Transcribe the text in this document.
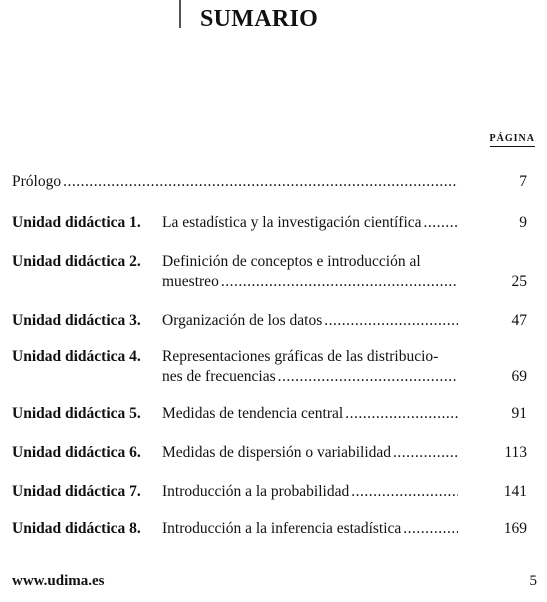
SUMARIO
PÁGINA
Prólogo .....	7
Unidad didáctica 1. La estadística y la investigación científica .....	9
Unidad didáctica 2. Definición de conceptos e introducción al
muestreo .....	25
Unidad didáctica 3. Organización de los datos .....	47
Unidad didáctica 4. Representaciones gráficas de las distribucio-
nes de frecuencias .....	69
Unidad didáctica 5. Medidas de tendencia central .....	91
Unidad didáctica 6. Medidas de dispersión o variabilidad .....	113
Unidad didáctica 7. Introducción a la probabilidad .....	141
Unidad didáctica 8. Introducción a la inferencia estadística .....	169
www.udima.es	5
